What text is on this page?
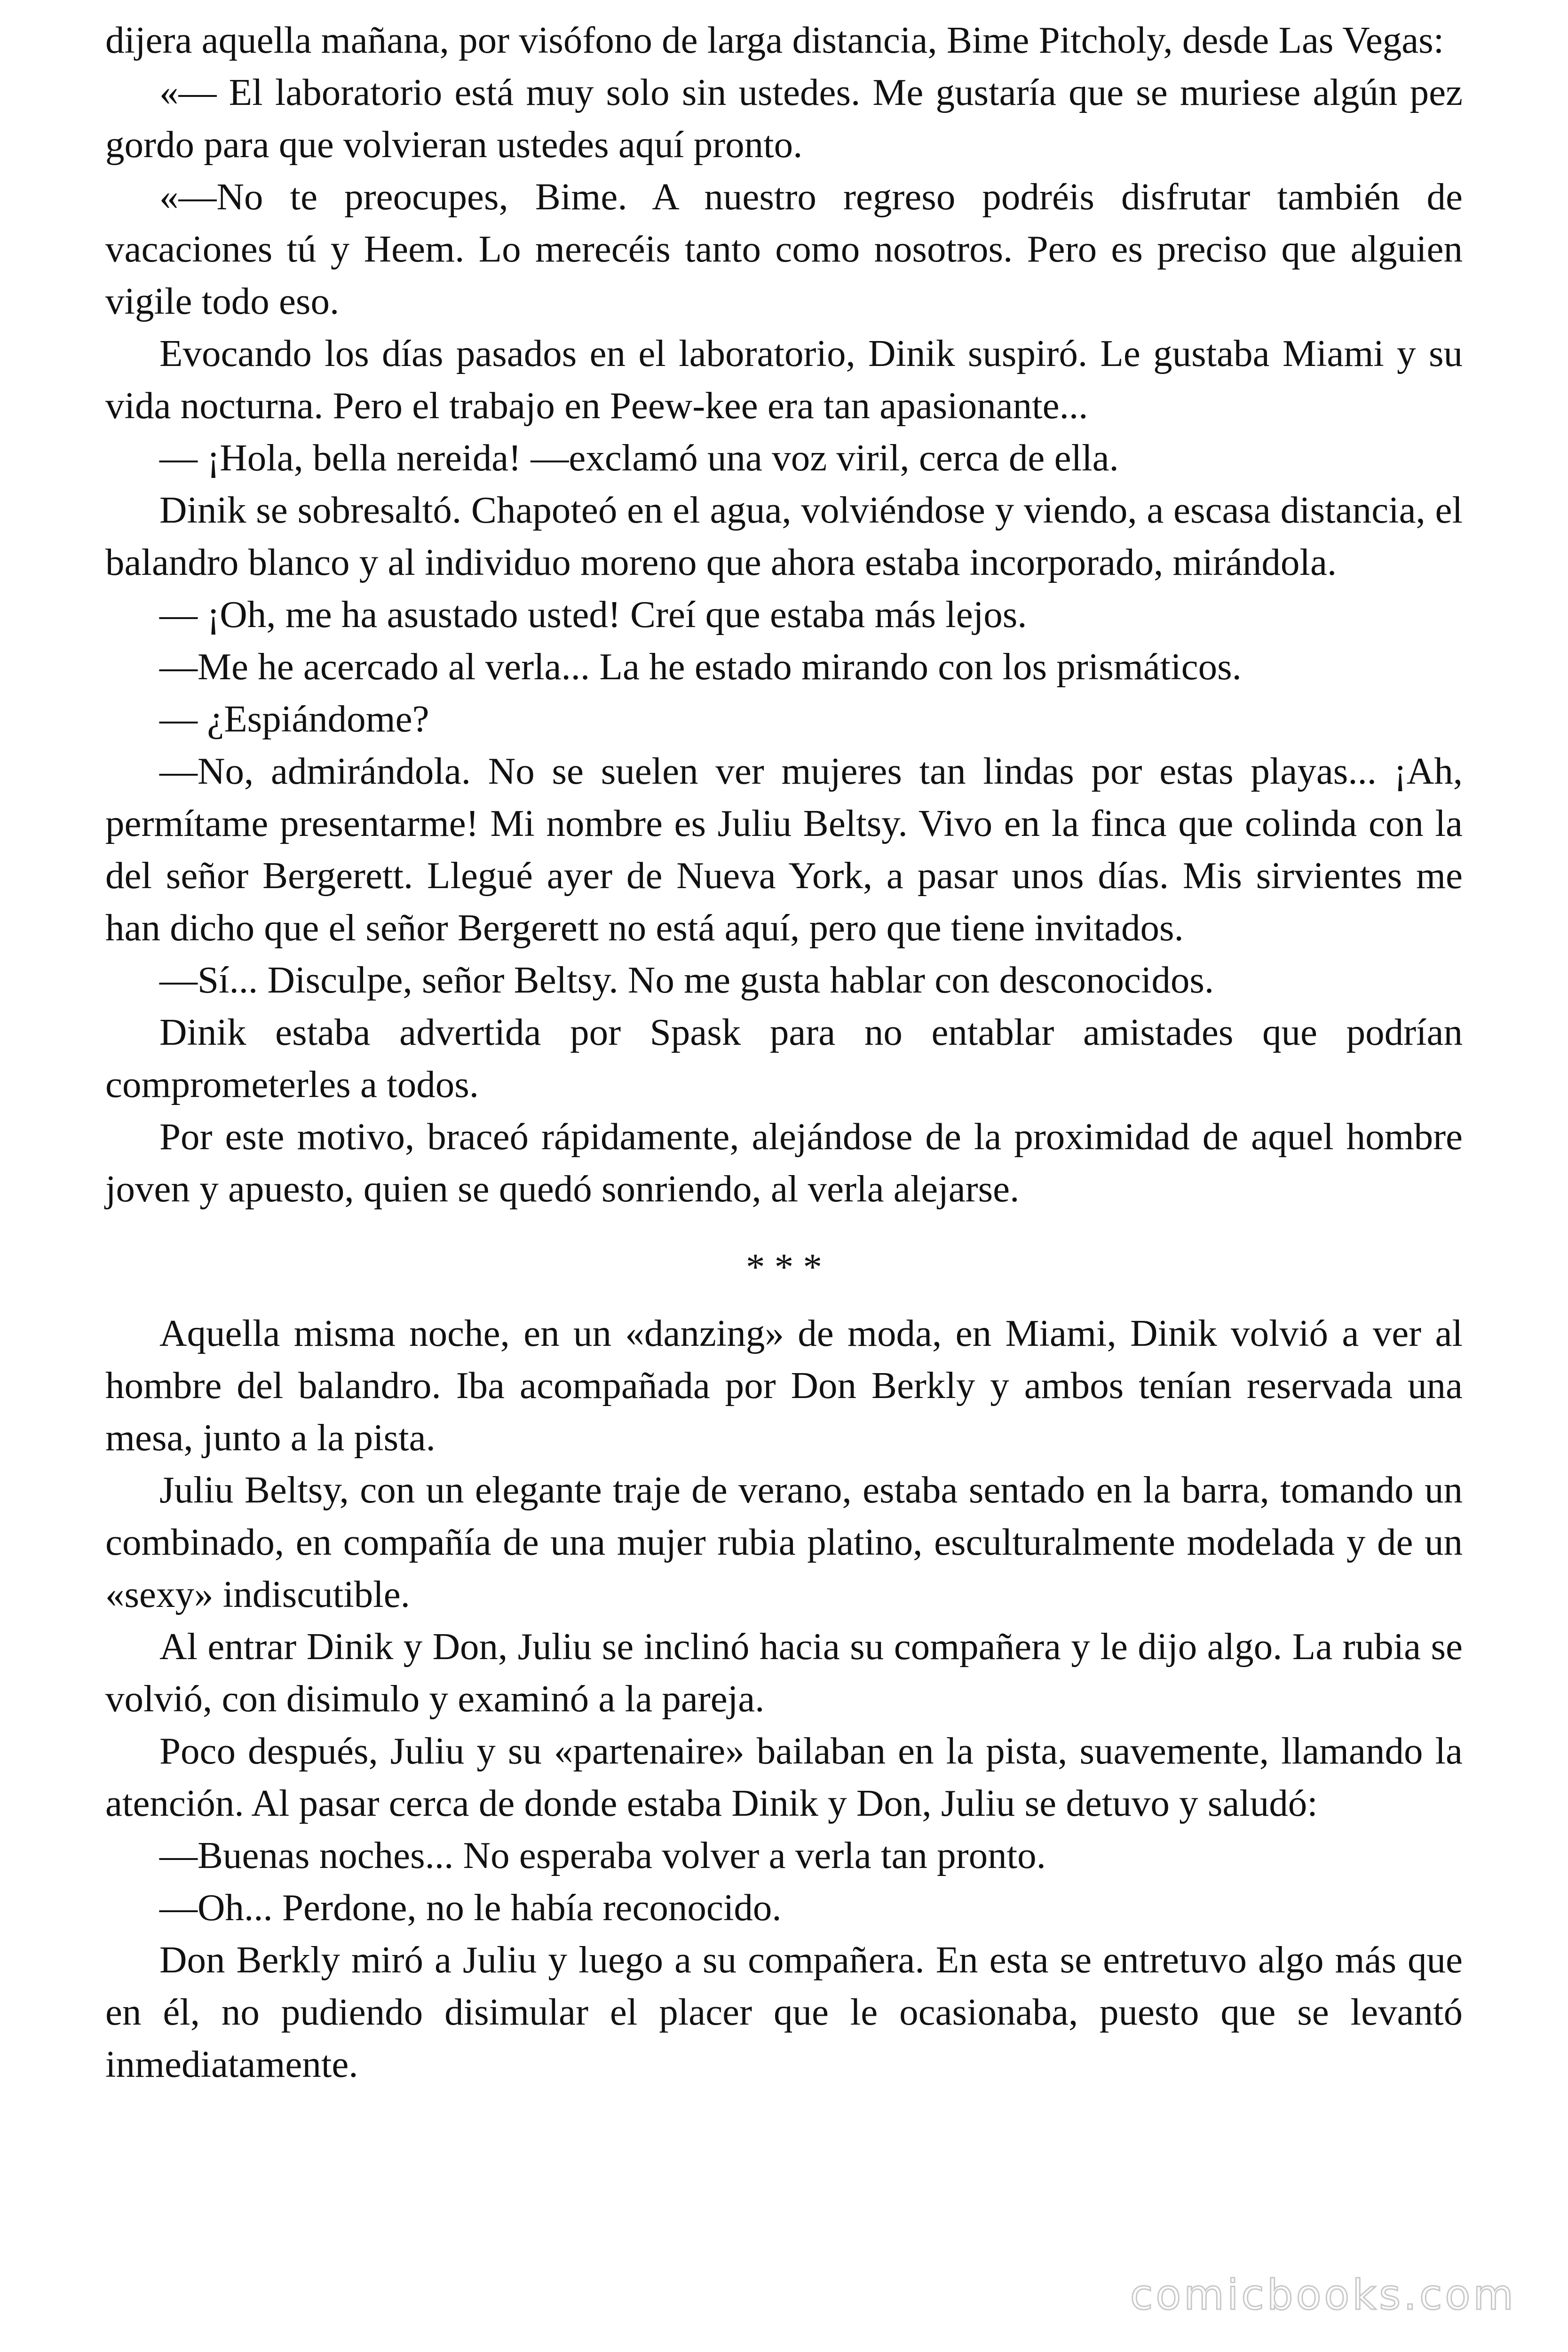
dijera aquella mañana, por visófono de larga distancia, Bime Pitcholy, desde Las Vegas:

«— El laboratorio está muy solo sin ustedes. Me gustaría que se muriese algún pez gordo para que volvieran ustedes aquí pronto.

«—No te preocupes, Bime. A nuestro regreso podréis disfrutar también de vacaciones tú y Heem. Lo merecéis tanto como nosotros. Pero es preciso que alguien vigile todo eso.

Evocando los días pasados en el laboratorio, Dinik suspiró. Le gustaba Miami y su vida nocturna. Pero el trabajo en Peew-kee era tan apasionante...

— ¡Hola, bella nereida! —exclamó una voz viril, cerca de ella.

Dinik se sobresaltó. Chapoteó en el agua, volviéndose y viendo, a escasa distancia, el balandro blanco y al individuo moreno que ahora estaba incorporado, mirándola.

— ¡Oh, me ha asustado usted! Creí que estaba más lejos.

—Me he acercado al verla... La he estado mirando con los prismáticos.

— ¿Espiándome?

—No, admirándola. No se suelen ver mujeres tan lindas por estas playas... ¡Ah, permítame presentarme! Mi nombre es Juliu Beltsy. Vivo en la finca que colinda con la del señor Bergerett. Llegué ayer de Nueva York, a pasar unos días. Mis sirvientes me han dicho que el señor Bergerett no está aquí, pero que tiene invitados.

—Sí... Disculpe, señor Beltsy. No me gusta hablar con desconocidos.

Dinik estaba advertida por Spask para no entablar amistades que podrían comprometerles a todos.

Por este motivo, braceó rápidamente, alejándose de la proximidad de aquel hombre joven y apuesto, quien se quedó sonriendo, al verla alejarse.

* * *

Aquella misma noche, en un «danzing» de moda, en Miami, Dinik volvió a ver al hombre del balandro. Iba acompañada por Don Berkly y ambos tenían reservada una mesa, junto a la pista.

Juliu Beltsy, con un elegante traje de verano, estaba sentado en la barra, tomando un combinado, en compañía de una mujer rubia platino, esculturalmente modelada y de un «sexy» indiscutible.

Al entrar Dinik y Don, Juliu se inclinó hacia su compañera y le dijo algo. La rubia se volvió, con disimulo y examinó a la pareja.

Poco después, Juliu y su «partenaire» bailaban en la pista, suavemente, llamando la atención. Al pasar cerca de donde estaba Dinik y Don, Juliu se detuvo y saludó:

—Buenas noches... No esperaba volver a verla tan pronto.

—Oh... Perdone, no le había reconocido.

Don Berkly miró a Juliu y luego a su compañera. En esta se entretuvo algo más que en él, no pudiendo disimular el placer que le ocasionaba, puesto que se levantó inmediatamente.

comicbooks.com
